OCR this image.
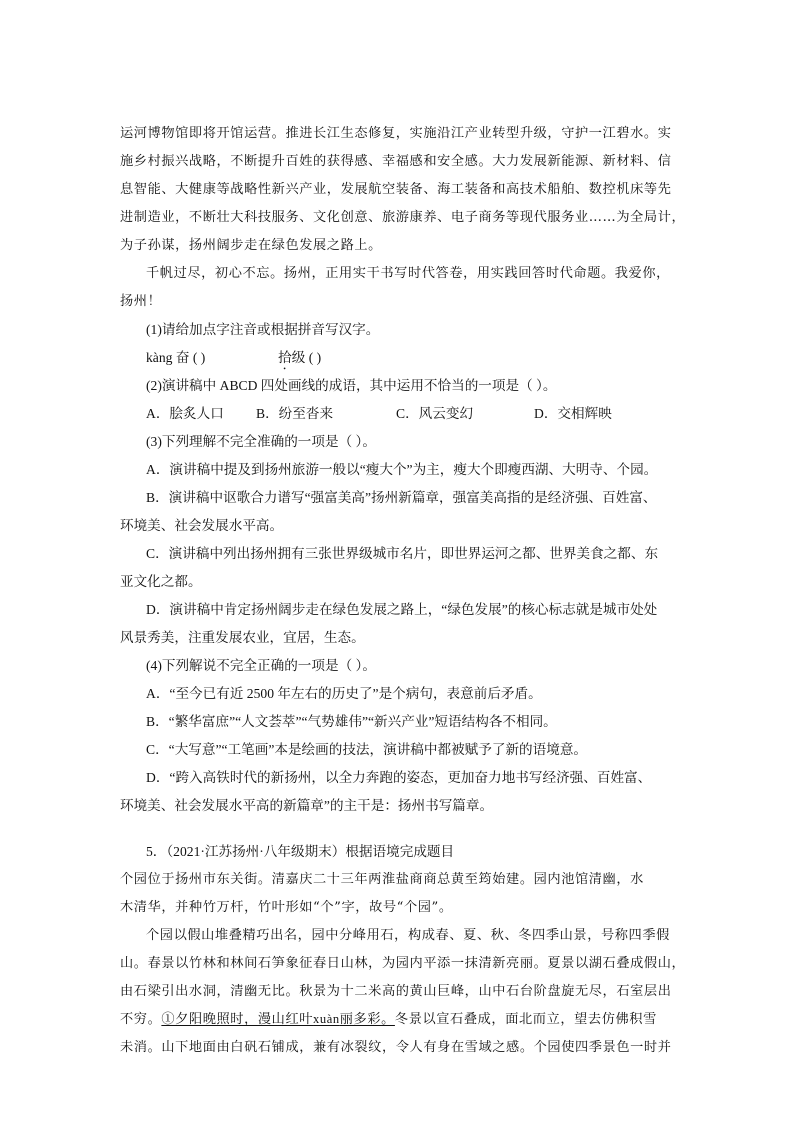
运河博物馆即将开馆运营。推进长江生态修复，实施沿江产业转型升级，守护一江碧水。实

施乡村振兴战略，不断提升百姓的获得感、幸福感和安全感。大力发展新能源、新材料、信

息智能、大健康等战略性新兴产业，发展航空装备、海工装备和高技术船舶、数控机床等先

进制造业，不断壮大科技服务、文化创意、旅游康养、电子商务等现代服务业……为全局计，

为子孙谋，扬州阔步走在绿色发展之路上。

千帆过尽，初心不忘。扬州，正用实干书写时代答卷，用实践回答时代命题。我爱你，

扬州！

(1)请给加点字注音或根据拼音写汉字。

kàng 奋 ( )	拾级 ( )

(2)演讲稿中 ABCD 四处画线的成语，其中运用不恰当的一项是（ ）。

A．脍炙人口 B．纷至沓来	C．风云变幻	D．交相辉映

(3)下列理解不完全准确的一项是（ ）。

A．演讲稿中提及到扬州旅游一般以“瘦大个”为主，瘦大个即瘦西湖、大明寺、个园。

B．演讲稿中讴歌合力谱写“强富美高”扬州新篇章，强富美高指的是经济强、百姓富、

环境美、社会发展水平高。

C．演讲稿中列出扬州拥有三张世界级城市名片，即世界运河之都、世界美食之都、东

亚文化之都。

D．演讲稿中肯定扬州阔步走在绿色发展之路上，“绿色发展”的核心标志就是城市处处

风景秀美，注重发展农业，宜居，生态。

(4)下列解说不完全正确的一项是（ ）。

A．“至今已有近 2500 年左右的历史了”是个病句，表意前后矛盾。

B．“繁华富庶”“人文荟萃”“气势雄伟”“新兴产业”短语结构各不相同。

C．“大写意”“工笔画”本是绘画的技法，演讲稿中都被赋予了新的语境意。

D．“跨入高铁时代的新扬州，以全力奔跑的姿态，更加奋力地书写经济强、百姓富、

环境美、社会发展水平高的新篇章”的主干是：扬州书写篇章。

5．（2021·江苏扬州·八年级期末）根据语境完成题目

个园位于扬州市东关街。清嘉庆二十三年两淮盐商商总黄至筠始建。园内池馆清幽，水

木清华，并种竹万杆，竹叶形如“个”字，故号“个园”。

个园以假山堆叠精巧出名，园中分峰用石，构成春、夏、秋、冬四季山景，号称四季假

山。春景以竹林和林间石笋象征春日山林，为园内平添一抹清新亮丽。夏景以湖石叠成假山，

由石梁引出水洞，清幽无比。秋景为十二米高的黄山巨峰，山中石台阶盘旋无尽，石室层出

不穷。①夕阳晚照时，漫山红叶xuàn丽多彩。冬景以宣石叠成，面北而立，望去仿佛积雪

未消。山下地面由白矾石铺成，兼有冰裂纹，令人有身在雪域之感。个园使四季景色一时并
